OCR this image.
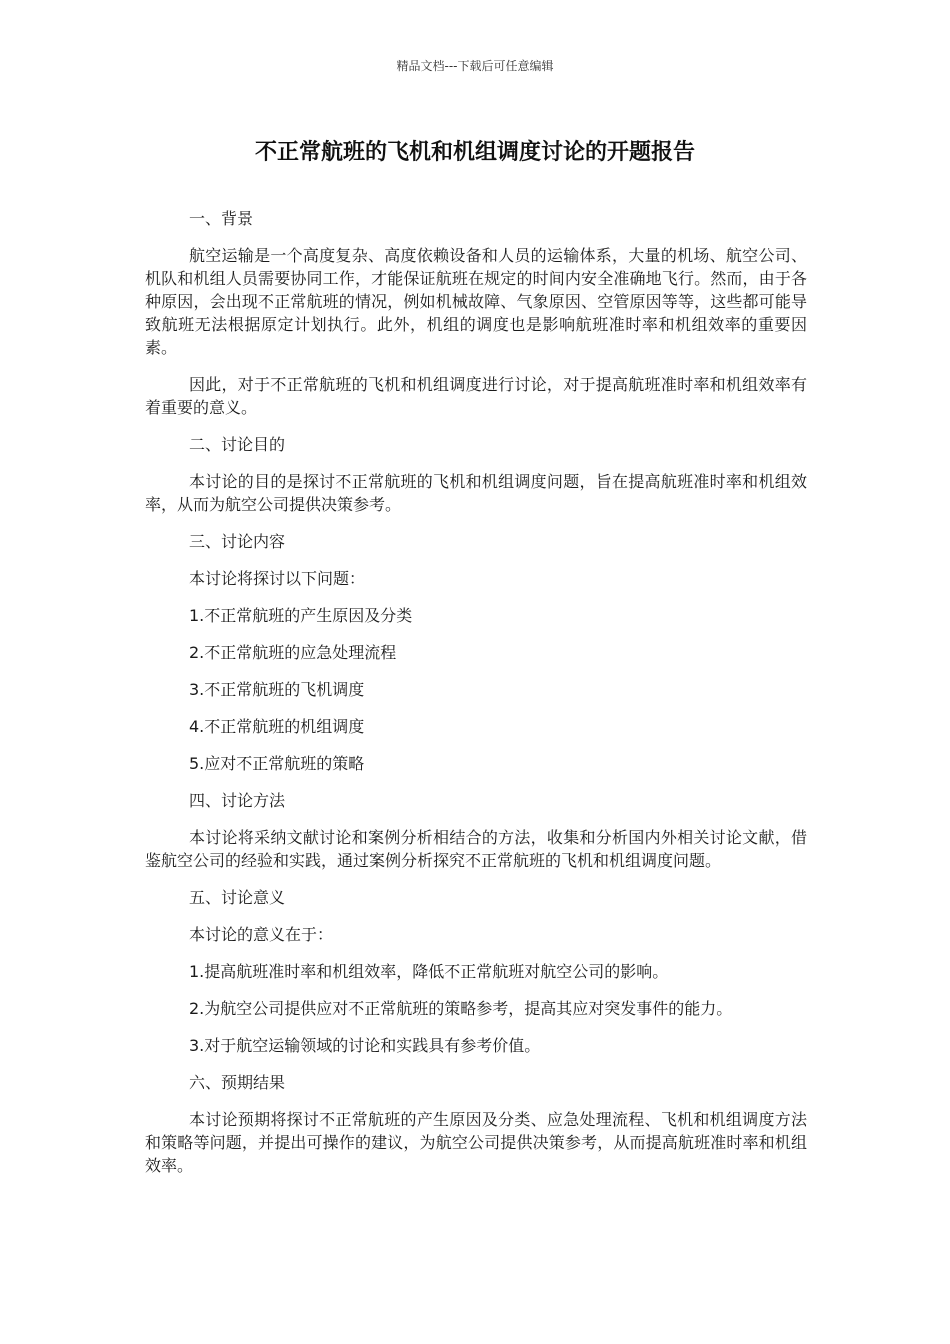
精品文档---下载后可任意编辑
不正常航班的飞机和机组调度讨论的开题报告

一、背景

航空运输是一个高度复杂、高度依赖设备和人员的运输体系，大量的机场、航空公司、机队和机组人员需要协同工作，才能保证航班在规定的时间内安全准确地飞行。然而，由于各种原因，会出现不正常航班的情况，例如机械故障、气象原因、空管原因等等，这些都可能导致航班无法根据原定计划执行。此外，机组的调度也是影响航班准时率和机组效率的重要因素。

因此，对于不正常航班的飞机和机组调度进行讨论，对于提高航班准时率和机组效率有着重要的意义。

二、讨论目的

本讨论的目的是探讨不正常航班的飞机和机组调度问题，旨在提高航班准时率和机组效率，从而为航空公司提供决策参考。

三、讨论内容

本讨论将探讨以下问题：

1.不正常航班的产生原因及分类

2.不正常航班的应急处理流程

3.不正常航班的飞机调度

4.不正常航班的机组调度

5.应对不正常航班的策略

四、讨论方法

本讨论将采纳文献讨论和案例分析相结合的方法，收集和分析国内外相关讨论文献，借鉴航空公司的经验和实践，通过案例分析探究不正常航班的飞机和机组调度问题。

五、讨论意义

本讨论的意义在于：

1.提高航班准时率和机组效率，降低不正常航班对航空公司的影响。

2.为航空公司提供应对不正常航班的策略参考，提高其应对突发事件的能力。

3.对于航空运输领域的讨论和实践具有参考价值。

六、预期结果

本讨论预期将探讨不正常航班的产生原因及分类、应急处理流程、飞机和机组调度方法和策略等问题，并提出可操作的建议，为航空公司提供决策参考，从而提高航班准时率和机组效率。
